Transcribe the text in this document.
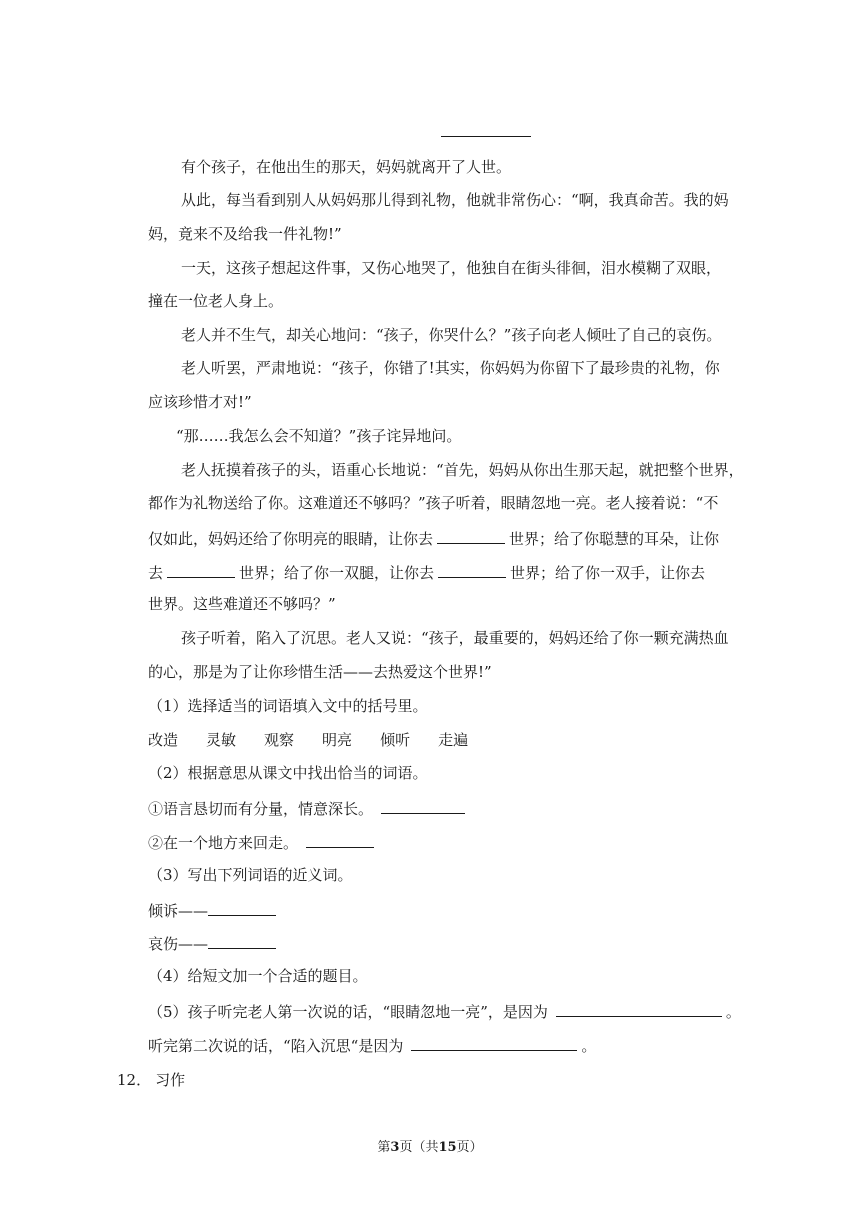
有个孩子，在他出生的那天，妈妈就离开了人世。
从此，每当看到别人从妈妈那儿得到礼物，他就非常伤心：“啊，我真命苦。我的妈
妈，竟来不及给我一件礼物!”
一天，这孩子想起这件事，又伤心地哭了，他独自在街头徘徊，泪水模糊了双眼，
撞在一位老人身上。
老人并不生气，却关心地问：“孩子，你哭什么？”孩子向老人倾吐了自己的哀伤。
老人听罢，严肃地说：“孩子，你错了!其实，你妈妈为你留下了最珍贵的礼物，你
应该珍惜才对!”
“那……我怎么会不知道？”孩子诧异地问。
老人抚摸着孩子的头，语重心长地说：“首先，妈妈从你出生那天起，就把整个世界，
都作为礼物送给了你。这难道还不够吗？”孩子听着，眼睛忽地一亮。老人接着说：“不
仅如此，妈妈还给了你明亮的眼睛，让你去	世界；给了你聪慧的耳朵，让你
去	世界；给了你一双腿，让你去	世界；给了你一双手，让你去
世界。这些难道还不够吗？”
孩子听着，陷入了沉思。老人又说：“孩子，最重要的，妈妈还给了你一颗充满热血
的心，那是为了让你珍惜生活——去热爱这个世界!”
（1）选择适当的词语填入文中的括号里。
改造 灵敏 观察 明亮 倾听 走遍
（2）根据意思从课文中找出恰当的词语。
①语言恳切而有分量，情意深长。
②在一个地方来回走。
（3）写出下列词语的近义词。
倾诉——
哀伤——
（4）给短文加一个合适的题目。
（5）孩子听完老人第一次说的话，“眼睛忽地一亮”，是因为	。
听完第二次说的话，“陷入沉思“是因为	。
12． 习作
第3页（共15页）
